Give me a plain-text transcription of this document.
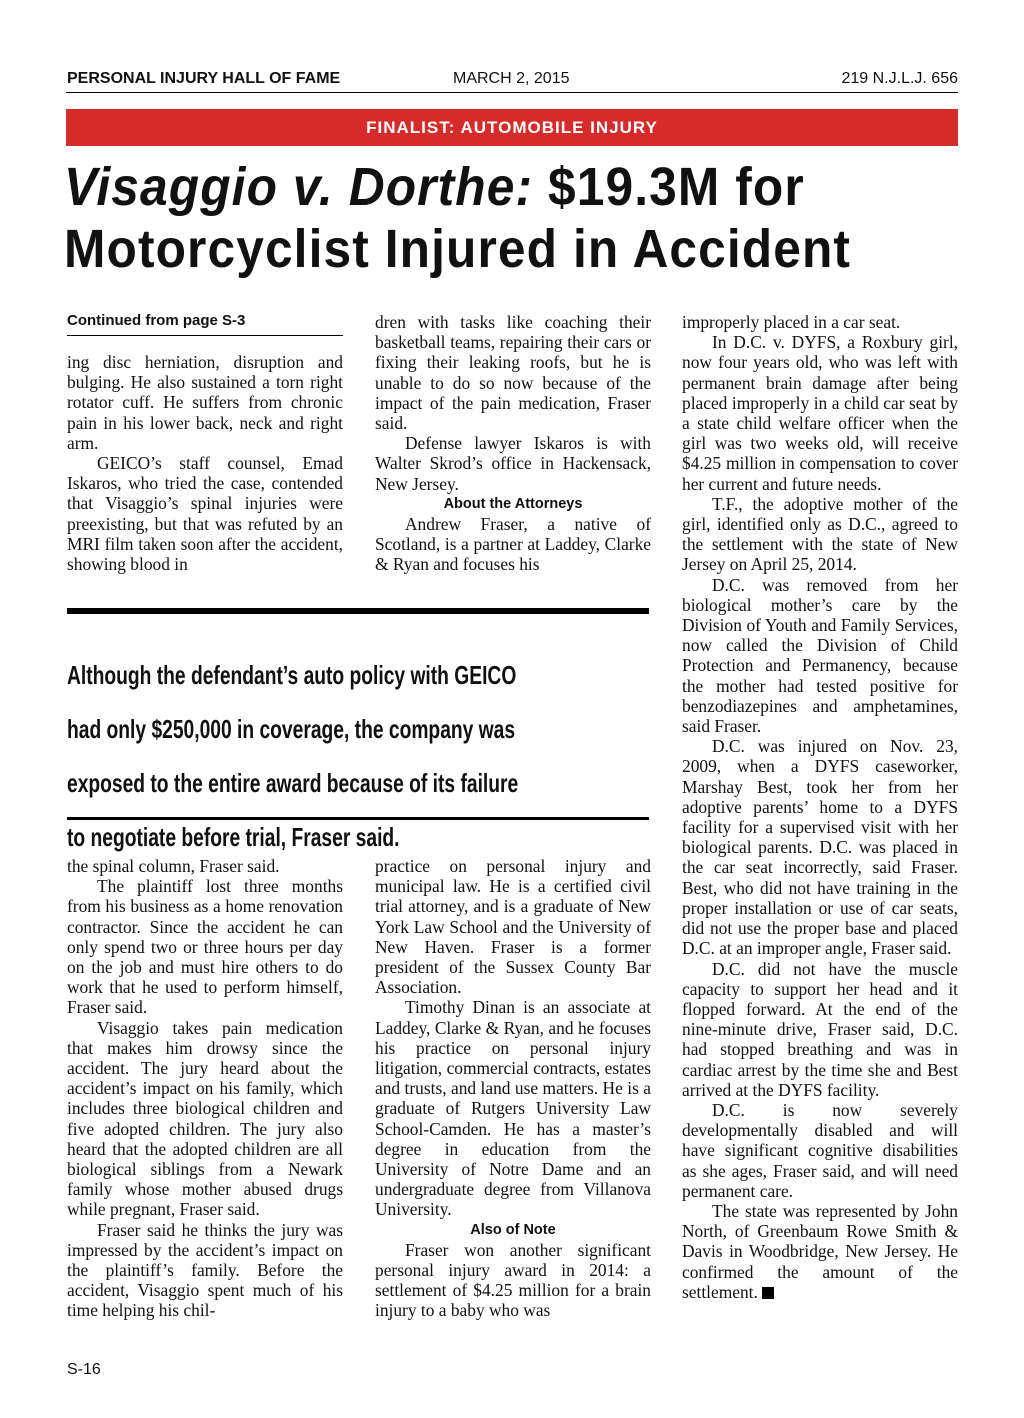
PERSONAL INJURY HALL OF FAME	MARCH 2, 2015	219 N.J.L.J. 656
FINALIST: AUTOMOBILE INJURY
Visaggio v. Dorthe: $19.3M for Motorcyclist Injured in Accident
Continued from page S-3

ing disc herniation, disruption and bulging. He also sustained a torn right rotator cuff. He suffers from chronic pain in his lower back, neck and right arm.

GEICO’s staff counsel, Emad Iskaros, who tried the case, contended that Visaggio’s spinal injuries were preexisting, but that was refuted by an MRI film taken soon after the accident, showing blood in

dren with tasks like coaching their basketball teams, repairing their cars or fixing their leaking roofs, but he is unable to do so now because of the impact of the pain medication, Fraser said.

Defense lawyer Iskaros is with Walter Skrod’s office in Hackensack, New Jersey.

About the Attorneys

Andrew Fraser, a native of Scotland, is a partner at Laddey, Clarke & Ryan and focuses his

Although the defendant’s auto policy with GEICO had only $250,000 in coverage, the company was exposed to the entire award because of its failure to negotiate before trial, Fraser said.

improperly placed in a car seat.

In D.C. v. DYFS, a Roxbury girl, now four years old, who was left with permanent brain damage after being placed improperly in a child car seat by a state child welfare officer when the girl was two weeks old, will receive $4.25 million in compensation to cover her current and future needs.

T.F., the adoptive mother of the girl, identified only as D.C., agreed to the settlement with the state of New Jersey on April 25, 2014.

D.C. was removed from her biological mother’s care by the Division of Youth and Family Services, now called the Division of Child Protection and Permanency, because the mother had tested positive for benzodiazepines and amphetamines, said Fraser.

D.C. was injured on Nov. 23, 2009, when a DYFS caseworker, Marshay Best, took her from her adoptive parents’ home to a DYFS facility for a supervised visit with her biological parents. D.C. was placed in the car seat incorrectly, said Fraser. Best, who did not have training in the proper installation or use of car seats, did not use the proper base and placed D.C. at an improper angle, Fraser said.

D.C. did not have the muscle capacity to support her head and it flopped forward. At the end of the nine-minute drive, Fraser said, D.C. had stopped breathing and was in cardiac arrest by the time she and Best arrived at the DYFS facility.

D.C. is now severely developmentally disabled and will have significant cognitive disabilities as she ages, Fraser said, and will need permanent care.

The state was represented by John North, of Greenbaum Rowe Smith & Davis in Woodbridge, New Jersey. He confirmed the amount of the settlement.

the spinal column, Fraser said.

The plaintiff lost three months from his business as a home renovation contractor. Since the accident he can only spend two or three hours per day on the job and must hire others to do work that he used to perform himself, Fraser said.

Visaggio takes pain medication that makes him drowsy since the accident. The jury heard about the accident’s impact on his family, which includes three biological children and five adopted children. The jury also heard that the adopted children are all biological siblings from a Newark family whose mother abused drugs while pregnant, Fraser said.

Fraser said he thinks the jury was impressed by the accident’s impact on the plaintiff’s family. Before the accident, Visaggio spent much of his time helping his chil-

practice on personal injury and municipal law. He is a certified civil trial attorney, and is a graduate of New York Law School and the University of New Haven. Fraser is a former president of the Sussex County Bar Association.

Timothy Dinan is an associate at Laddey, Clarke & Ryan, and he focuses his practice on personal injury litigation, commercial contracts, estates and trusts, and land use matters. He is a graduate of Rutgers University Law School-Camden. He has a master’s degree in education from the University of Notre Dame and an undergraduate degree from Villanova University.

Also of Note

Fraser won another significant personal injury award in 2014: a settlement of $4.25 million for a brain injury to a baby who was

S-16
